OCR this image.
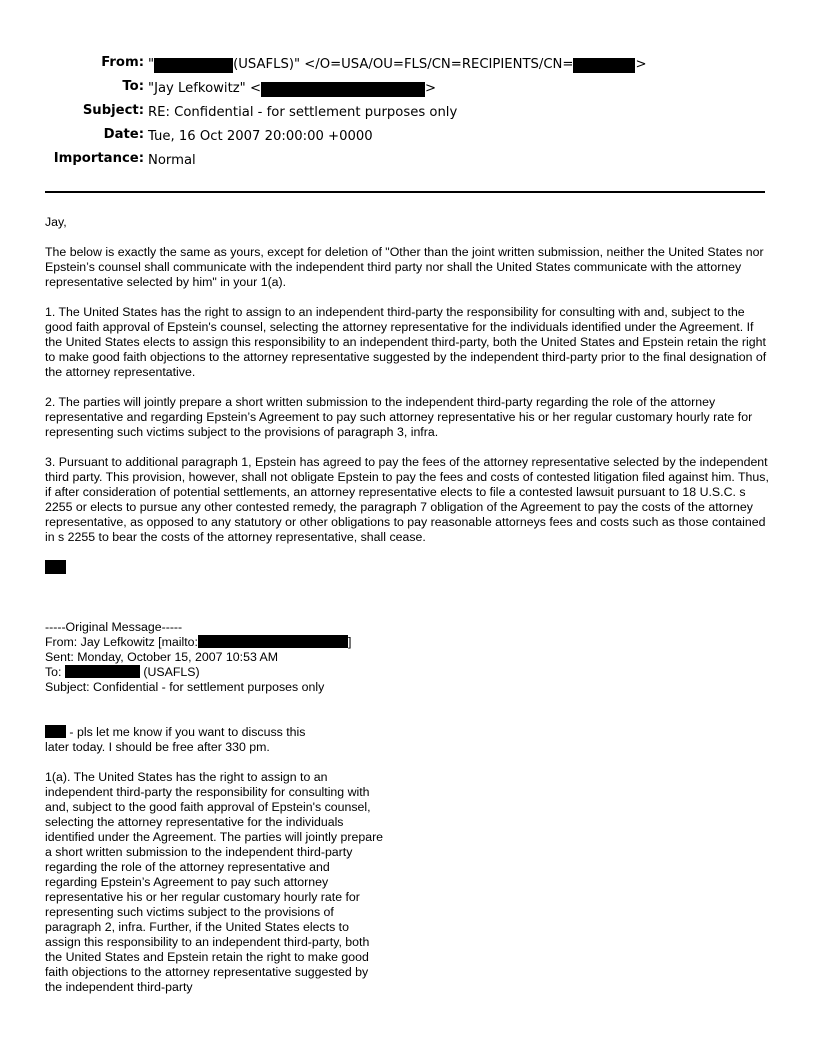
From: "	(USAFLS)" </O=USA/OU=FLS/CN=RECIPIENTS/CN=	>
To: "Jay Lefkowitz" <	>
Subject: RE: Confidential - for settlement purposes only
Date: Tue, 16 Oct 2007 20:00:00 +0000
Importance: Normal

Jay,

The below is exactly the same as yours, except for deletion of "Other than the joint written submission, neither the United States nor Epstein’s counsel shall communicate with the independent third party nor shall the United States communicate with the attorney representative selected by him" in your 1(a).

1. The United States has the right to assign to an independent third-party the responsibility for consulting with and, subject to the good faith approval of Epstein's counsel, selecting the attorney representative for the individuals identified under the Agreement. If the United States elects to assign this responsibility to an independent third-party, both the United States and Epstein retain the right to make good faith objections to the attorney representative suggested by the independent third-party prior to the final designation of the attorney representative.

2. The parties will jointly prepare a short written submission to the independent third-party regarding the role of the attorney representative and regarding Epstein’s Agreement to pay such attorney representative his or her regular customary hourly rate for representing such victims subject to the provisions of paragraph 3, infra.

3. Pursuant to additional paragraph 1, Epstein has agreed to pay the fees of the attorney representative selected by the independent third party. This provision, however, shall not obligate Epstein to pay the fees and costs of contested litigation filed against him. Thus, if after consideration of potential settlements, an attorney representative elects to file a contested lawsuit pursuant to 18 U.S.C. s 2255 or elects to pursue any other contested remedy, the paragraph 7 obligation of the Agreement to pay the costs of the attorney representative, as opposed to any statutory or other obligations to pay reasonable attorneys fees and costs such as those contained in s 2255 to bear the costs of the attorney representative, shall cease.

-----Original Message-----
From: Jay Lefkowitz [mailto:	]
Sent: Monday, October 15, 2007 10:53 AM
To:	(USAFLS)
Subject: Confidential - for settlement purposes only

- pls let me know if you want to discuss this
later today. I should be free after 330 pm.

1(a). The United States has the right to assign to an independent third-party the responsibility for consulting with and, subject to the good faith approval of Epstein's counsel, selecting the attorney representative for the individuals identified under the Agreement. The parties will jointly prepare a short written submission to the independent third-party regarding the role of the attorney representative and regarding Epstein’s Agreement to pay such attorney representative his or her regular customary hourly rate for representing such victims subject to the provisions of paragraph 2, infra. Further, if the United States elects to assign this responsibility to an independent third-party, both the United States and Epstein retain the right to make good faith objections to the attorney representative suggested by the independent third-party
